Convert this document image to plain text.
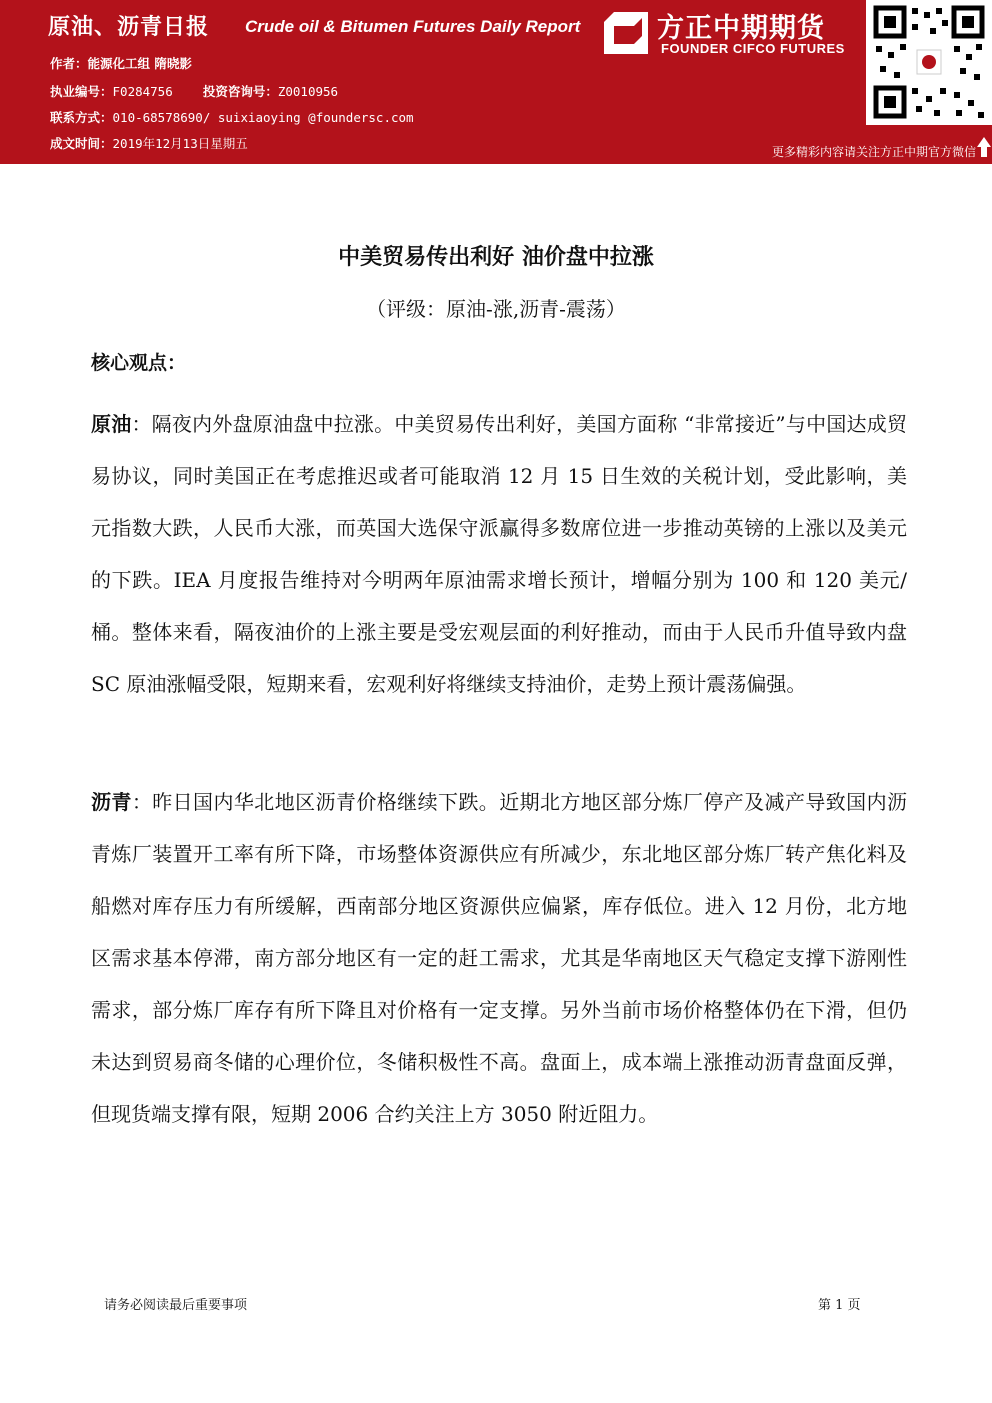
原油、沥青日报 Crude oil & Bitumen Futures Daily Report
作者：能源化工组 隋晓影
执业编号：F0284756 投资咨询号：Z0010956
联系方式：010-68578690/ suixiaoying @foundersc.com
成文时间：2019年12月13日星期五
方正中期期货
FOUNDER CIFCO FUTURES
更多精彩内容请关注方正中期官方微信
中美贸易传出利好 油价盘中拉涨
（评级：原油-涨,沥青-震荡）
核心观点：

原油：隔夜内外盘原油盘中拉涨。中美贸易传出利好，美国方面称 “非常接近”与中国达成贸易协议，同时美国正在考虑推迟或者可能取消 12 月 15 日生效的关税计划，受此影响，美元指数大跌，人民币大涨，而英国大选保守派赢得多数席位进一步推动英镑的上涨以及美元的下跌。IEA 月度报告维持对今明两年原油需求增长预计，增幅分别为 100 和 120 美元/桶。整体来看，隔夜油价的上涨主要是受宏观层面的利好推动，而由于人民币升值导致内盘 SC 原油涨幅受限，短期来看，宏观利好将继续支持油价，走势上预计震荡偏强。

沥青：昨日国内华北地区沥青价格继续下跌。近期北方地区部分炼厂停产及减产导致国内沥青炼厂装置开工率有所下降，市场整体资源供应有所减少，东北地区部分炼厂转产焦化料及船燃对库存压力有所缓解，西南部分地区资源供应偏紧，库存低位。进入 12 月份，北方地区需求基本停滞，南方部分地区有一定的赶工需求，尤其是华南地区天气稳定支撑下游刚性需求，部分炼厂库存有所下降且对价格有一定支撑。另外当前市场价格整体仍在下滑，但仍未达到贸易商冬储的心理价位，冬储积极性不高。盘面上，成本端上涨推动沥青盘面反弹，但现货端支撑有限，短期 2006 合约关注上方 3050 附近阻力。

请务必阅读最后重要事项	第 1 页
